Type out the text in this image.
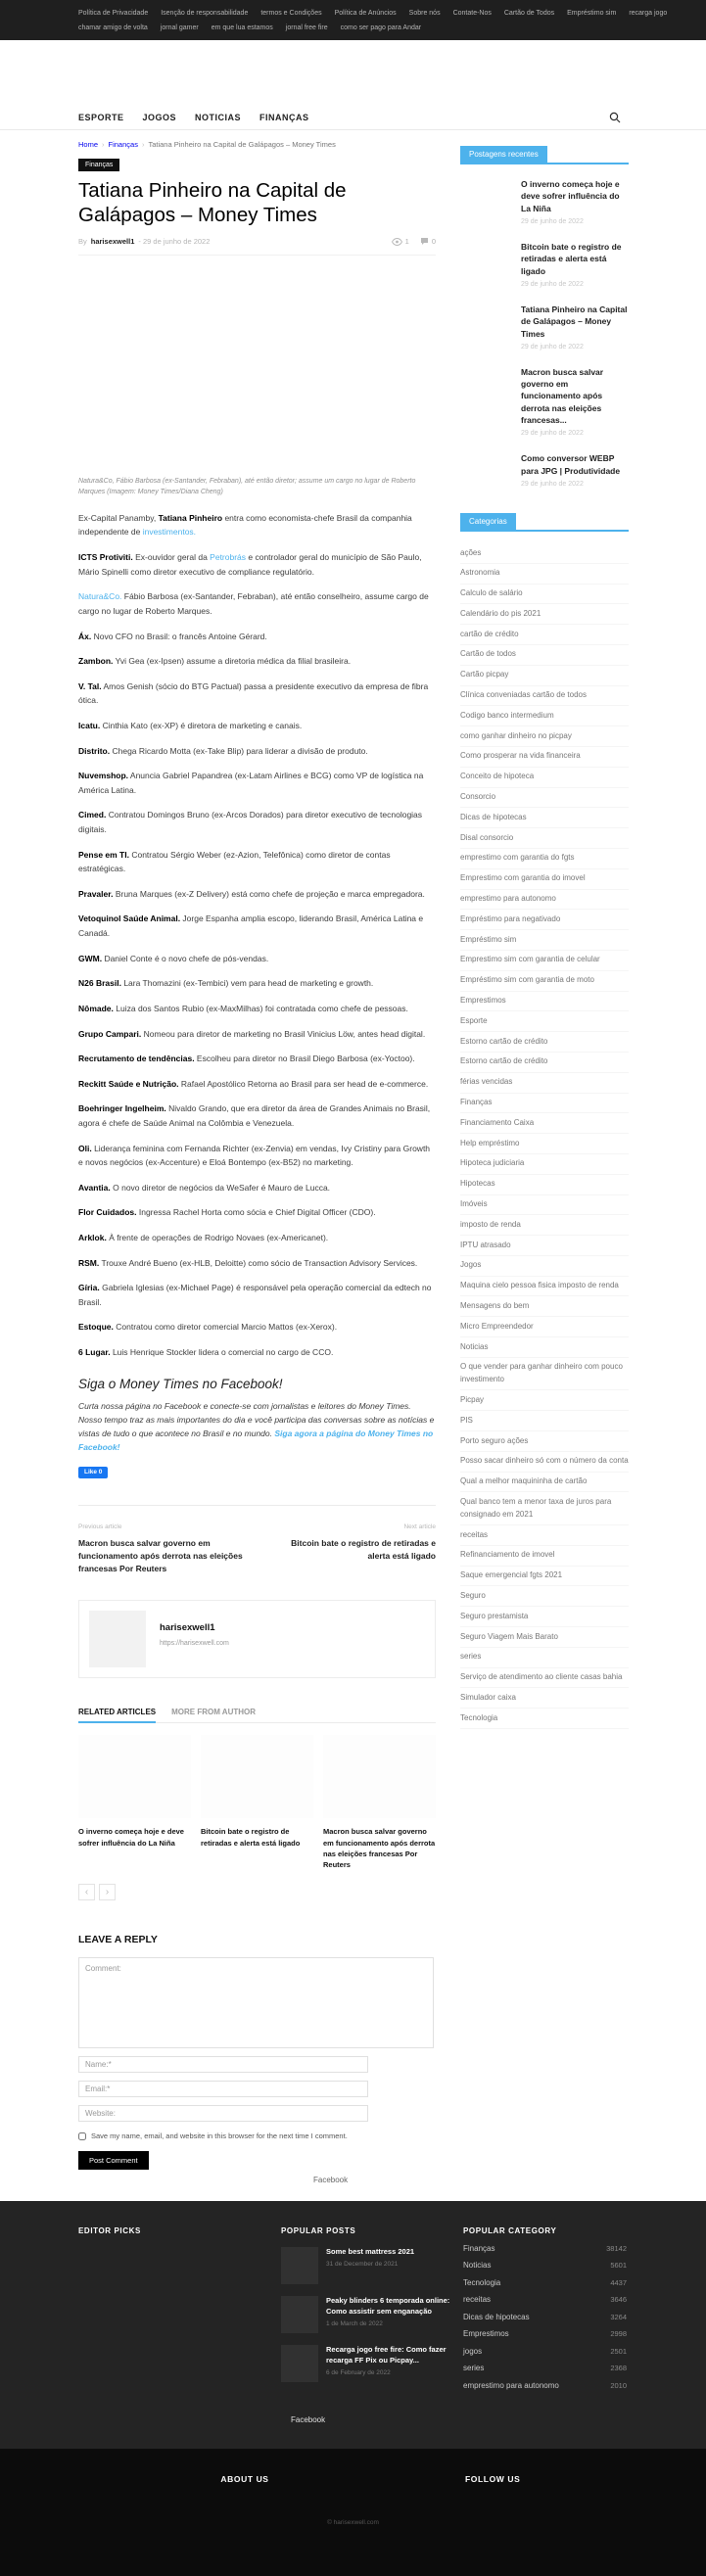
Política de Privacidade Isenção de responsabilidade termos e Condições Política de Anúncios Sobre nós Contate-Nos Cartão de Todos Empréstimo sim recarga jogo
chamar amigo de volta jornal gamer em que lua estamos jornal free fire como ser pago para Andar
ESPORTE JOGOS NOTICIAS FINANÇAS
Home › Finanças › Tatiana Pinheiro na Capital de Galápagos – Money Times
Finanças
Tatiana Pinheiro na Capital de Galápagos – Money Times
By harisexwell1 -
29 de junho de 2022	1	0
Natura&Co, Fábio Barbosa (ex-Santander, Febraban), até então diretor; assume um cargo no lugar de Roberto Marques (Imagem: Money Times/Diana Cheng)
Ex-Capital Panamby, Tatiana Pinheiro entra como economista-chefe Brasil da companhia independente de investimentos.
ICTS Protiviti. Ex-ouvidor geral da Petrobrás e controlador geral do município de São Paulo, Mário Spinelli como diretor executivo de compliance regulatório.
Natura&Co. Fábio Barbosa (ex-Santander, Febraban), até então conselheiro, assume cargo de cargo no lugar de Roberto Marques.
Áx. Novo CFO no Brasil: o francês Antoine Gérard.
Zambon. Yvi Gea (ex-Ipsen) assume a diretoria médica da filial brasileira.
V. Tal. Amos Genish (sócio do BTG Pactual) passa a presidente executivo da empresa de fibra ótica.
Icatu. Cinthia Kato (ex-XP) é diretora de marketing e canais.
Distrito. Chega Ricardo Motta (ex-Take Blip) para liderar a divisão de produto.
Nuvemshop. Anuncia Gabriel Papandrea (ex-Latam Airlines e BCG) como VP de logística na América Latina.
Cimed. Contratou Domingos Bruno (ex-Arcos Dorados) para diretor executivo de tecnologias digitais.
Pense em TI. Contratou Sérgio Weber (ez-Azion, Telefônica) como diretor de contas estratégicas.
Pravaler. Bruna Marques (ex-Z Delivery) está como chefe de projeção e marca empregadora.
Vetoquinol Saúde Animal. Jorge Espanha amplia escopo, liderando Brasil, América Latina e Canadá.
GWM. Daniel Conte é o novo chefe de pós-vendas.
N26 Brasil. Lara Thomazini (ex-Tembici) vem para head de marketing e growth.
Nômade. Luiza dos Santos Rubio (ex-MaxMilhas) foi contratada como chefe de pessoas.
Grupo Campari. Nomeou para diretor de marketing no Brasil Vinicius Löw, antes head digital.
Recrutamento de tendências. Escolheu para diretor no Brasil Diego Barbosa (ex-Yoctoo).
Reckitt Saúde e Nutrição. Rafael Apostólico Retorna ao Brasil para ser head de e-commerce.
Boehringer Ingelheim. Nivaldo Grando, que era diretor da área de Grandes Animais no Brasil, agora é chefe de Saúde Animal na Colômbia e Venezuela.
Oli. Liderança feminina com Fernanda Richter (ex-Zenvia) em vendas, Ivy Cristiny para Growth e novos negócios (ex-Accenture) e Eloá Bontempo (ex-B52) no marketing.
Avantia. O novo diretor de negócios da WeSafer é Mauro de Lucca.
Flor Cuidados. Ingressa Rachel Horta como sócia e Chief Digital Officer (CDO).
Arklok. À frente de operações de Rodrigo Novaes (ex-Americanet).
RSM. Trouxe André Bueno (ex-HLB, Deloitte) como sócio de Transaction Advisory Services.
Gíria. Gabriela Iglesias (ex-Michael Page) é responsável pela operação comercial da edtech no Brasil.
Estoque. Contratou como diretor comercial Marcio Mattos (ex-Xerox).
6 Lugar. Luis Henrique Stockler lidera o comercial no cargo de CCO.
Siga o Money Times no Facebook!
Curta nossa página no Facebook e conecte-se com jornalistas e leitores do Money Times. Nosso tempo traz as mais importantes do dia e você participa das conversas sobre as notícias e vistas de tudo o que acontece no Brasil e no mundo. Siga agora a página do Money Times no Facebook!
Like 0
Previous article
Macron busca salvar governo em funcionamento após derrota nas eleições francesas Por Reuters
Next article
Bitcoin bate o registro de retiradas e alerta está ligado
harisexwell1
https://harisexwell.com
RELATED ARTICLES MORE FROM AUTHOR
O inverno começa hoje e deve sofrer influência do La Niña
Bitcoin bate o registro de retiradas e alerta está ligado
Macron busca salvar governo em funcionamento após derrota nas eleições francesas Por Reuters
‹	›
LEAVE A REPLY
Comment:
Name:*
Email:*
Website:
Save my name, email, and website in this browser for the next time I comment.
Post Comment
Postagens recentes
O inverno começa hoje e deve sofrer influência do La Niña
29 de junho de 2022
Bitcoin bate o registro de retiradas e alerta está ligado
29 de junho de 2022
Tatiana Pinheiro na Capital de Galápagos – Money Times
29 de junho de 2022
Macron busca salvar governo em funcionamento após derrota nas eleições francesas...
29 de junho de 2022
Como conversor WEBP para JPG | Produtividade
29 de junho de 2022
Categorias
ações
Astronomia
Calculo de salário
Calendário do pis 2021
cartão de crédito
Cartão de todos
Cartão picpay
Clínica conveniadas cartão de todos
Codigo banco intermedium
como ganhar dinheiro no picpay
Como prosperar na vida financeira
Conceito de hipoteca
Consorcio
Dicas de hipotecas
Disal consorcio
emprestimo com garantia do fgts
Emprestimo com garantia do imovel
emprestimo para autonomo
Empréstimo para negativado
Empréstimo sim
Emprestimo sim com garantia de celular
Empréstimo sim com garantia de moto
Emprestimos
Esporte
Estorno cartão de crédito
Estorno cartão de crédito
férias vencidas
Finanças
Financiamento Caixa
Help empréstimo
Hipoteca judiciaria
Hipotecas
Imóveis
imposto de renda
IPTU atrasado
Jogos
Maquina cielo pessoa fisica imposto de renda
Mensagens do bem
Micro Empreendedor
Noticias
O que vender para ganhar dinheiro com pouco investimento
Picpay
PIS
Porto seguro ações
Posso sacar dinheiro só com o número da conta
Qual a melhor maquininha de cartão
Qual banco tem a menor taxa de juros para consignado em 2021
receitas
Refinanciamento de imovel
Saque emergencial fgts 2021
Seguro
Seguro prestamista
Seguro Viagem Mais Barato
series
Serviço de atendimento ao cliente casas bahia
Simulador caixa
Tecnologia
Facebook
EDITOR PICKS	POPULAR POSTS
Some best mattress 2021
31 de December de 2021
Peaky blinders 6 temporada online: Como assistir sem enganação
1 de March de 2022
Recarga jogo free fire: Como fazer recarga FF Pix ou Picpay...
6 de February de 2022
POPULAR CATEGORY
Finanças	38142
Noticias	5601
Tecnologia	4437
receitas	3646
Dicas de hipotecas	3264
Emprestimos	2998
jogos	2501
series	2368
emprestimo para autonomo	2010
Facebook
ABOUT US	FOLLOW US
© harisexwell.com
